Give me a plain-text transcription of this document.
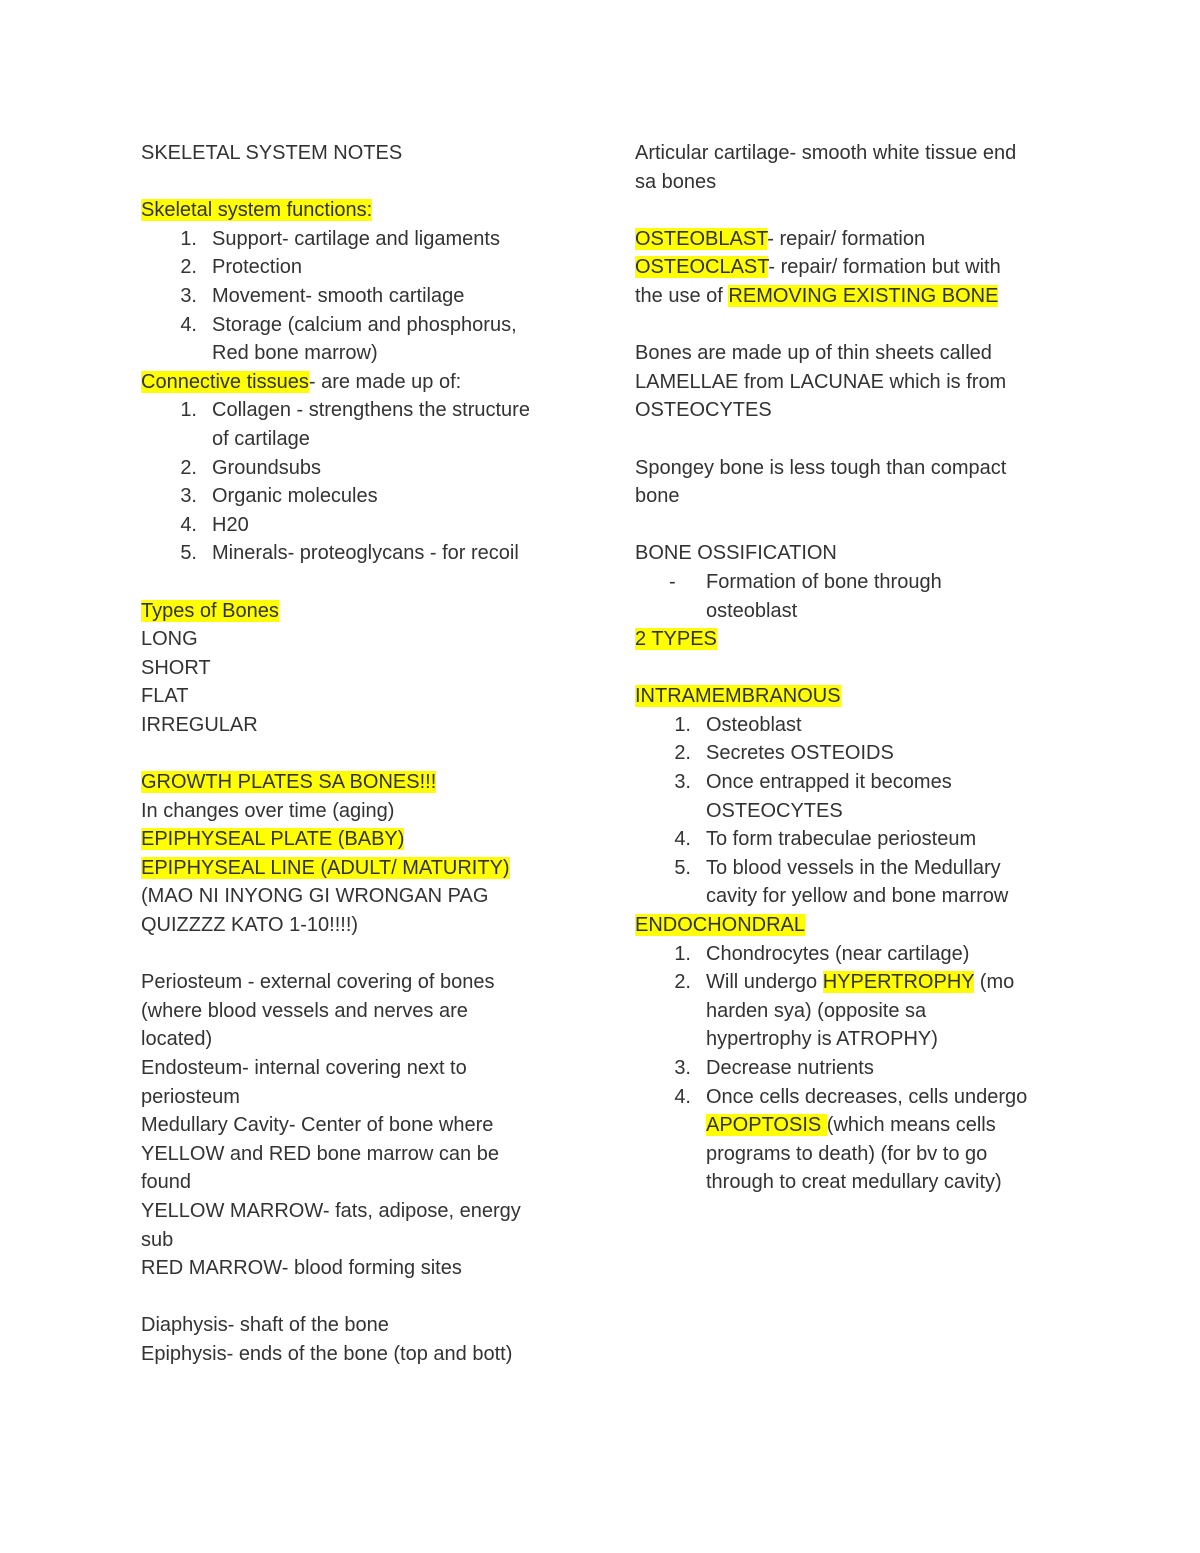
SKELETAL SYSTEM NOTES

Skeletal system functions:

1. Support- cartilage and ligaments
2. Protection
3. Movement- smooth cartilage
4. Storage (calcium and phosphorus,
Red bone marrow)

Connective tissues- are made up of:

1. Collagen - strengthens the structure
of cartilage
2. Groundsubs
3. Organic molecules
4. H20
5. Minerals- proteoglycans - for recoil

Types of Bones

LONG

SHORT

FLAT

IRREGULAR

GROWTH PLATES SA BONES!!!

In changes over time (aging)

EPIPHYSEAL PLATE (BABY)

EPIPHYSEAL LINE (ADULT/ MATURITY)

(MAO NI INYONG GI WRONGAN PAG

QUIZZZZ KATO 1-10!!!!)

Periosteum - external covering of bones

(where blood vessels and nerves are

located)

Endosteum- internal covering next to

periosteum

Medullary Cavity- Center of bone where

YELLOW and RED bone marrow can be

found

YELLOW MARROW- fats, adipose, energy

sub

RED MARROW- blood forming sites

Diaphysis- shaft of the bone

Epiphysis- ends of the bone (top and bott)

Articular cartilage- smooth white tissue end

sa bones

OSTEOBLAST- repair/ formation

OSTEOCLAST- repair/ formation but with

the use of REMOVING EXISTING BONE

Bones are made up of thin sheets called

LAMELLAE from LACUNAE which is from

OSTEOCYTES

Spongey bone is less tough than compact

bone

BONE OSSIFICATION

- Formation of bone through
osteoblast

2 TYPES

INTRAMEMBRANOUS

1. Osteoblast
2. Secretes OSTEOIDS
3. Once entrapped it becomes
OSTEOCYTES
4. To form trabeculae periosteum
5. To blood vessels in the Medullary
cavity for yellow and bone marrow

ENDOCHONDRAL

1. Chondrocytes (near cartilage)
2. Will undergo HYPERTROPHY (mo
harden sya) (opposite sa
hypertrophy is ATROPHY)
3. Decrease nutrients
4. Once cells decreases, cells undergo
APOPTOSIS (which means cells
programs to death) (for bv to go
through to creat medullary cavity)
